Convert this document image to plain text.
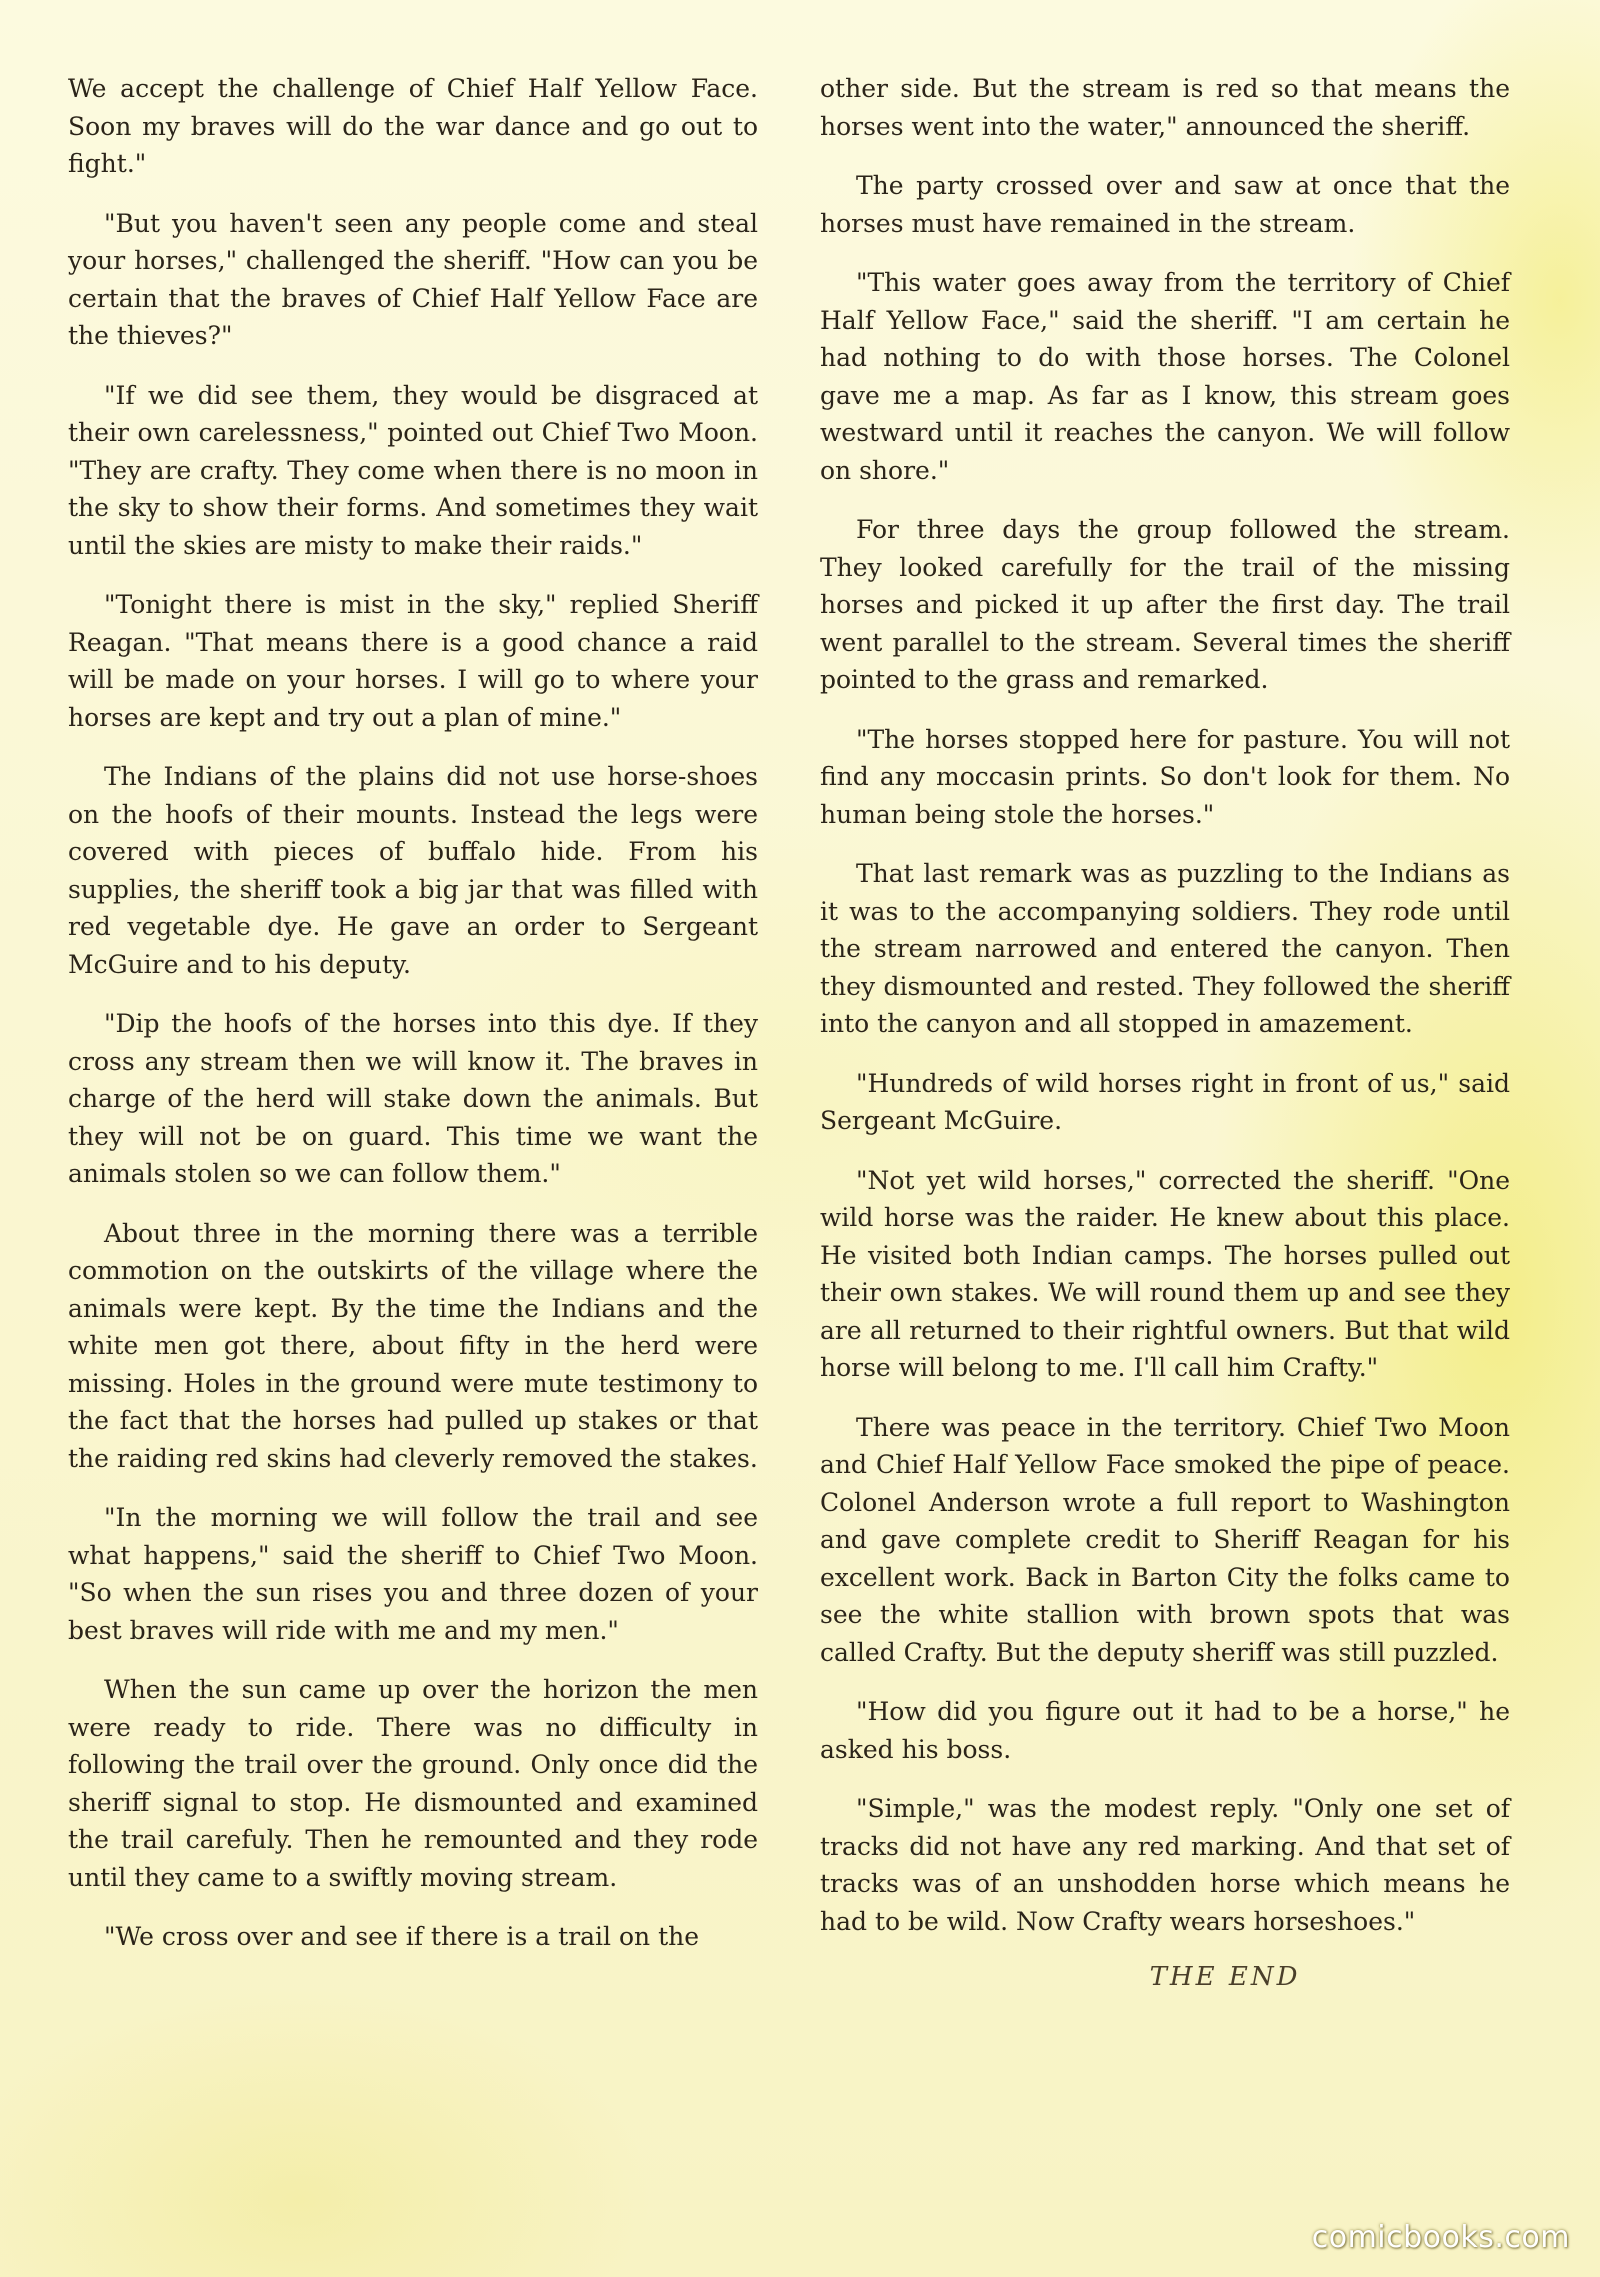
We accept the challenge of Chief Half Yellow Face. Soon my braves will do the war dance and go out to fight."

"But you haven't seen any people come and steal your horses," challenged the sheriff. "How can you be certain that the braves of Chief Half Yellow Face are the thieves?"

"If we did see them, they would be disgraced at their own carelessness," pointed out Chief Two Moon. "They are crafty. They come when there is no moon in the sky to show their forms. And sometimes they wait until the skies are misty to make their raids."

"Tonight there is mist in the sky," replied Sheriff Reagan. "That means there is a good chance a raid will be made on your horses. I will go to where your horses are kept and try out a plan of mine."

The Indians of the plains did not use horse-shoes on the hoofs of their mounts. Instead the legs were covered with pieces of buffalo hide. From his supplies, the sheriff took a big jar that was filled with red vegetable dye. He gave an order to Sergeant McGuire and to his deputy.

"Dip the hoofs of the horses into this dye. If they cross any stream then we will know it. The braves in charge of the herd will stake down the animals. But they will not be on guard. This time we want the animals stolen so we can follow them."

About three in the morning there was a terrible commotion on the outskirts of the village where the animals were kept. By the time the Indians and the white men got there, about fifty in the herd were missing. Holes in the ground were mute testimony to the fact that the horses had pulled up stakes or that the raiding red skins had cleverly removed the stakes.

"In the morning we will follow the trail and see what happens," said the sheriff to Chief Two Moon. "So when the sun rises you and three dozen of your best braves will ride with me and my men."

When the sun came up over the horizon the men were ready to ride. There was no difficulty in following the trail over the ground. Only once did the sheriff signal to stop. He dismounted and examined the trail carefuly. Then he remounted and they rode until they came to a swiftly moving stream.

"We cross over and see if there is a trail on the

other side. But the stream is red so that means the horses went into the water," announced the sheriff.

The party crossed over and saw at once that the horses must have remained in the stream.

"This water goes away from the territory of Chief Half Yellow Face," said the sheriff. "I am certain he had nothing to do with those horses. The Colonel gave me a map. As far as I know, this stream goes westward until it reaches the canyon. We will follow on shore."

For three days the group followed the stream. They looked carefully for the trail of the missing horses and picked it up after the first day. The trail went parallel to the stream. Several times the sheriff pointed to the grass and remarked.

"The horses stopped here for pasture. You will not find any moccasin prints. So don't look for them. No human being stole the horses."

That last remark was as puzzling to the Indians as it was to the accompanying soldiers. They rode until the stream narrowed and entered the canyon. Then they dismounted and rested. They followed the sheriff into the canyon and all stopped in amazement.

"Hundreds of wild horses right in front of us," said Sergeant McGuire.

"Not yet wild horses," corrected the sheriff. "One wild horse was the raider. He knew about this place. He visited both Indian camps. The horses pulled out their own stakes. We will round them up and see they are all returned to their rightful owners. But that wild horse will belong to me. I'll call him Crafty."

There was peace in the territory. Chief Two Moon and Chief Half Yellow Face smoked the pipe of peace. Colonel Anderson wrote a full report to Washington and gave complete credit to Sheriff Reagan for his excellent work. Back in Barton City the folks came to see the white stallion with brown spots that was called Crafty. But the deputy sheriff was still puzzled.

"How did you figure out it had to be a horse," he asked his boss.

"Simple," was the modest reply. "Only one set of tracks did not have any red marking. And that set of tracks was of an unshodden horse which means he had to be wild. Now Crafty wears horseshoes."

THE END
comicbooks.com
